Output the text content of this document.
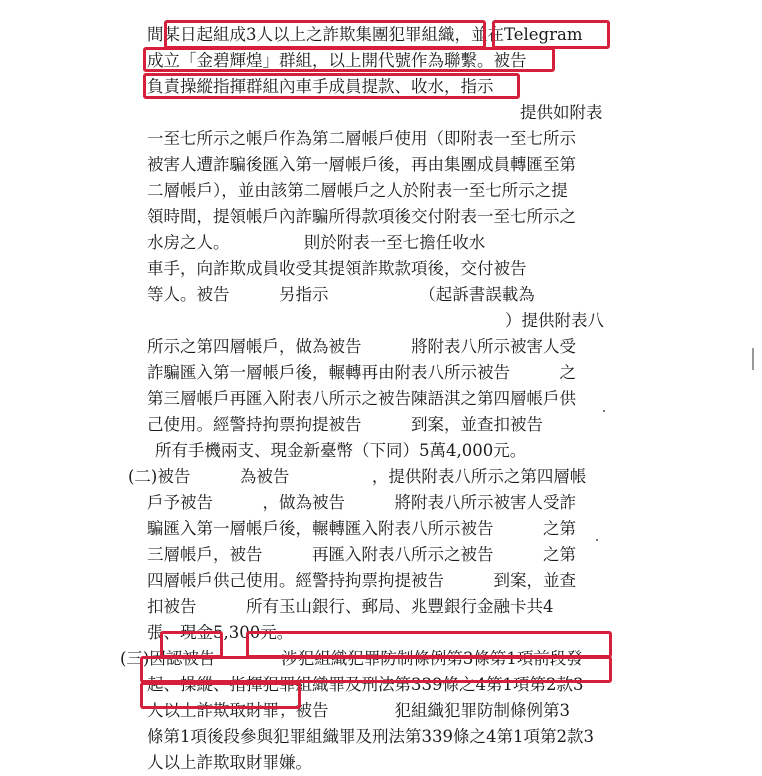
間某日起組成3人以上之詐欺集團犯罪組織，並在Telegram
成立「金碧輝煌」群組，以上開代號作為聯繫。被告
負責操縱指揮群組內車手成員提款、收水，指示
提供如附表
一至七所示之帳戶作為第二層帳戶使用（即附表一至七所示
被害人遭詐騙後匯入第一層帳戶後，再由集團成員轉匯至第
二層帳戶），並由該第二層帳戶之人於附表一至七所示之提
領時間，提領帳戶內詐騙所得款項後交付附表一至七所示之
水房之人。　　　　　則於附表一至七擔任收水
車手，向詐欺成員收受其提領詐欺款項後，交付被告
等人。被告　　　另指示　　　　　　（起訴書誤載為
）提供附表八
所示之第四層帳戶，做為被告　　　將附表八所示被害人受
詐騙匯入第一層帳戶後，輾轉再由附表八所示被告　　　之
第三層帳戶再匯入附表八所示之被告陳語淇之第四層帳戶供
己使用。經警持拘票拘提被告　　　到案，並查扣被告
所有手機兩支、現金新臺幣（下同）5萬4,000元。
(二)被告　　　為被告　　　　　，提供附表八所示之第四層帳
戶予被告　　　，做為被告　　　將附表八所示被害人受詐
騙匯入第一層帳戶後，輾轉匯入附表八所示被告　　　之第
三層帳戶，被告　　　再匯入附表八所示之被告　　　之第
四層帳戶供己使用。經警持拘票拘提被告　　　到案，並查
扣被告　　　所有玉山銀行、郵局、兆豐銀行金融卡共4
張、現金5,300元。
(三)因認被告　　　　涉犯組織犯罪防制條例第3條第1項前段發
起、操縱、指揮犯罪組織罪及刑法第339條之4第1項第2款3
人以上詐欺取財罪；被告　　　　犯組織犯罪防制條例第3
條第1項後段參與犯罪組織罪及刑法第339條之4第1項第2款3
人以上詐欺取財罪嫌。
